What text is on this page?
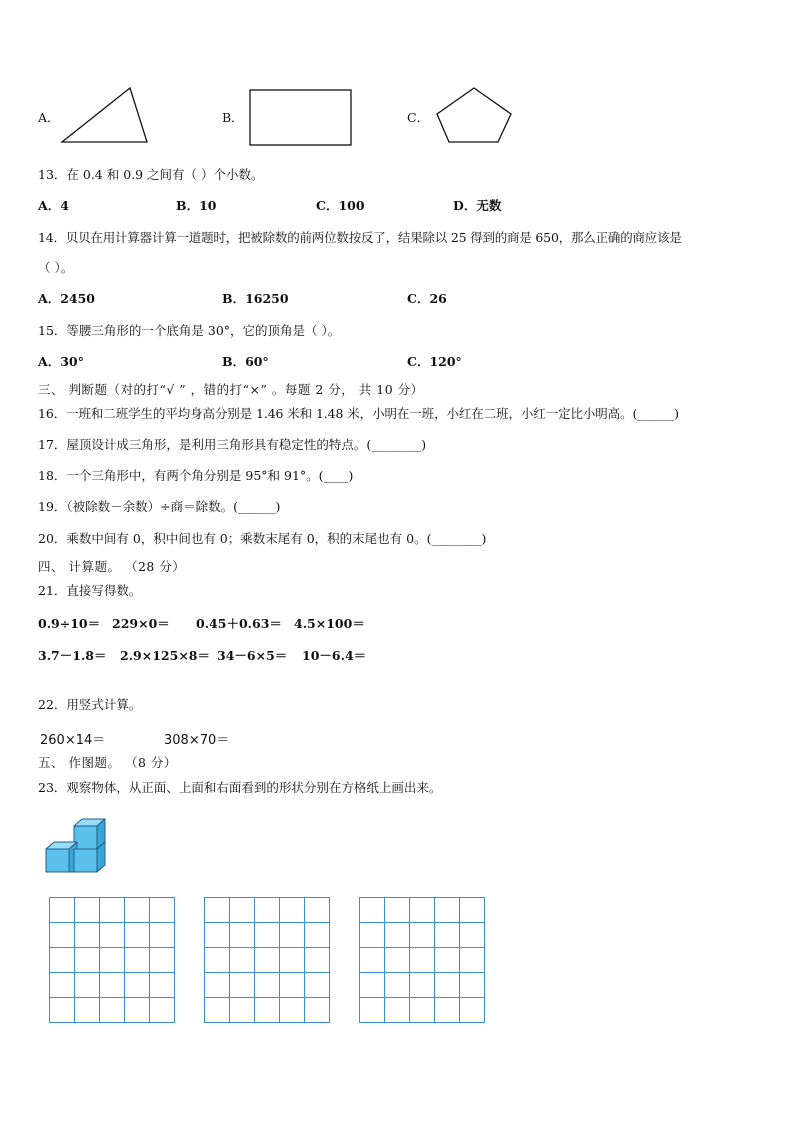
A．	B．	C．
13．在 0.4 和 0.9 之间有（ ）个小数。
A．4	B．10	C．100	D．无数
14．贝贝在用计算器计算一道题时，把被除数的前两位数按反了，结果除以 25 得到的商是 650，那么正确的商应该是
（ ）。
A．2450	B．16250	C．26
15．等腰三角形的一个底角是 30°，它的顶角是（ ）。
A．30°	B．60°	C．120°
三、 判断题（对的打“√ ” ，错的打“×” 。每题 2 分， 共 10 分）
16．一班和二班学生的平均身高分别是 1.46 米和 1.48 米，小明在一班，小红在二班，小红一定比小明高。(______)
17．屋顶设计成三角形，是利用三角形具有稳定性的特点。(________)
18．一个三角形中，有两个角分别是 95°和 91°。(____)
19．（被除数－余数）÷商＝除数。(______)
20．乘数中间有 0，积中间也有 0；乘数末尾有 0，积的末尾也有 0。(________)
四、 计算题。 （28 分）
21．直接写得数。
0.9÷10＝ 229×0＝ 0.45＋0.63＝ 4.5×100＝
3.7－1.8＝ 2.9×125×8＝ 34－6×5＝ 10－6.4＝
22．用竖式计算。
260×14＝	308×70＝
五、 作图题。 （8 分）
23．观察物体，从正面、上面和右面看到的形状分别在方格纸上画出来。
